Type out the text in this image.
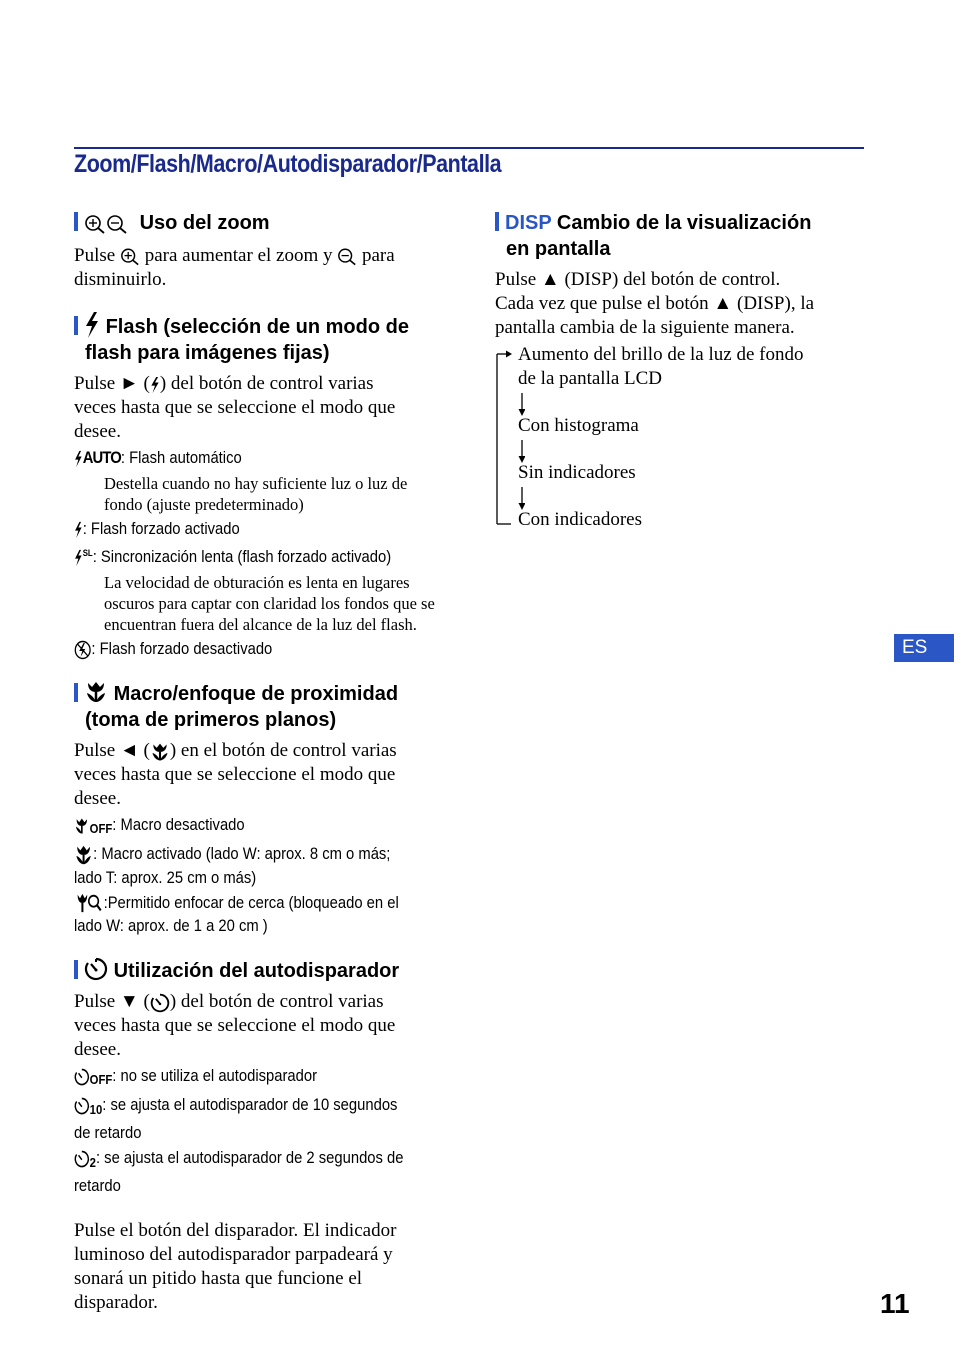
Zoom/Flash/Macro/Autodisparador/Pantalla
Uso del zoom
Pulse para aumentar el zoom y para
disminuirlo.
Flash (selección de un modo de
flash para imágenes fijas)
Pulse ► ( ) del botón de control varias
veces hasta que se seleccione el modo que
desee.
AUTO: Flash automático
Destella cuando no hay suficiente luz o luz de fondo (ajuste predeterminado)
: Flash forzado activado
$^{SL}$: Sincronización lenta (flash forzado activado)
La velocidad de obturación es lenta en lugares oscuros para captar con claridad los fondos que se encuentran fuera del alcance de la luz del flash.
: Flash forzado desactivado
Macro/enfoque de proximidad
(toma de primeros planos)
Pulse ◄ ( ) en el botón de control varias
veces hasta que se seleccione el modo que
desee.
OFF: Macro desactivado
: Macro activado (lado W: aprox. 8 cm o más;
lado T: aprox. 25 cm o más)
:Permitido enfocar de cerca (bloqueado en el
lado W: aprox. de 1 a 20 cm )
Utilización del autodisparador
Pulse ▼ ( ) del botón de control varias
veces hasta que se seleccione el modo que
desee.
OFF: no se utiliza el autodisparador
$_{10}$: se ajusta el autodisparador de 10 segundos
de retardo
$_2$: se ajusta el autodisparador de 2 segundos de
retardo
Pulse el botón del disparador. El indicador
luminoso del autodisparador parpadeará y
sonará un pitido hasta que funcione el
disparador.
DISP Cambio de la visualización
en pantalla
Pulse ▲ (DISP) del botón de control.
Cada vez que pulse el botón ▲ (DISP), la
pantalla cambia de la siguiente manera.
Aumento del brillo de la luz de fondo
de la pantalla LCD
Con histograma
Sin indicadores
Con indicadores
ES
11
